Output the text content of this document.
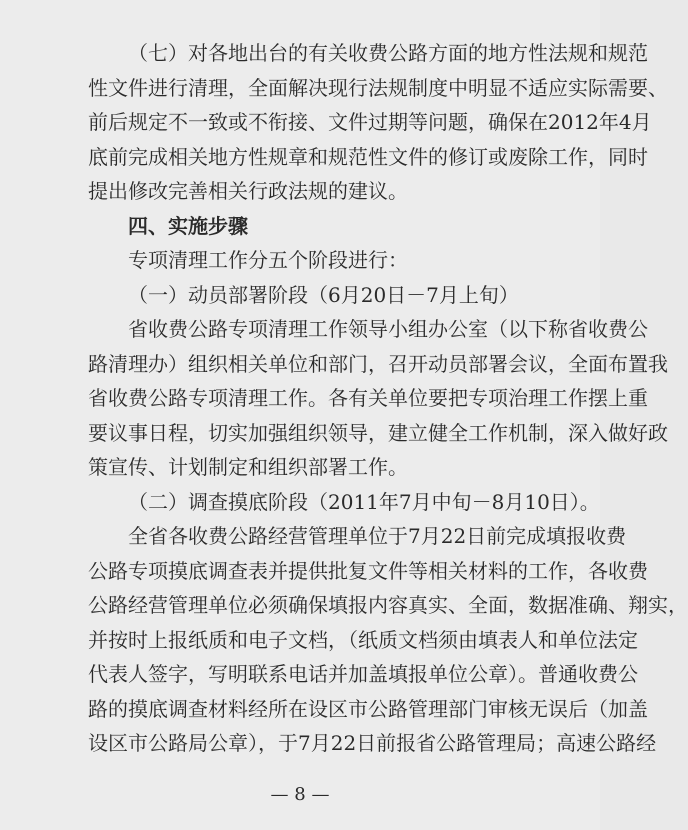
（七）对各地出台的有关收费公路方面的地方性法规和规范
性文件进行清理，全面解决现行法规制度中明显不适应实际需要、
前后规定不一致或不衔接、文件过期等问题，确保在2012年4月
底前完成相关地方性规章和规范性文件的修订或废除工作，同时
提出修改完善相关行政法规的建议。
四、实施步骤
专项清理工作分五个阶段进行：
（一）动员部署阶段（6月20日－7月上旬）
省收费公路专项清理工作领导小组办公室（以下称省收费公
路清理办）组织相关单位和部门，召开动员部署会议，全面布置我
省收费公路专项清理工作。各有关单位要把专项治理工作摆上重
要议事日程，切实加强组织领导，建立健全工作机制，深入做好政
策宣传、计划制定和组织部署工作。
（二）调查摸底阶段（2011年7月中旬－8月10日）。
全省各收费公路经营管理单位于7月22日前完成填报收费
公路专项摸底调查表并提供批复文件等相关材料的工作，各收费
公路经营管理单位必须确保填报内容真实、全面，数据准确、翔实，
并按时上报纸质和电子文档，（纸质文档须由填表人和单位法定
代表人签字，写明联系电话并加盖填报单位公章）。普通收费公
路的摸底调查材料经所在设区市公路管理部门审核无误后（加盖
设区市公路局公章），于7月22日前报省公路管理局；高速公路经
— 8 —
